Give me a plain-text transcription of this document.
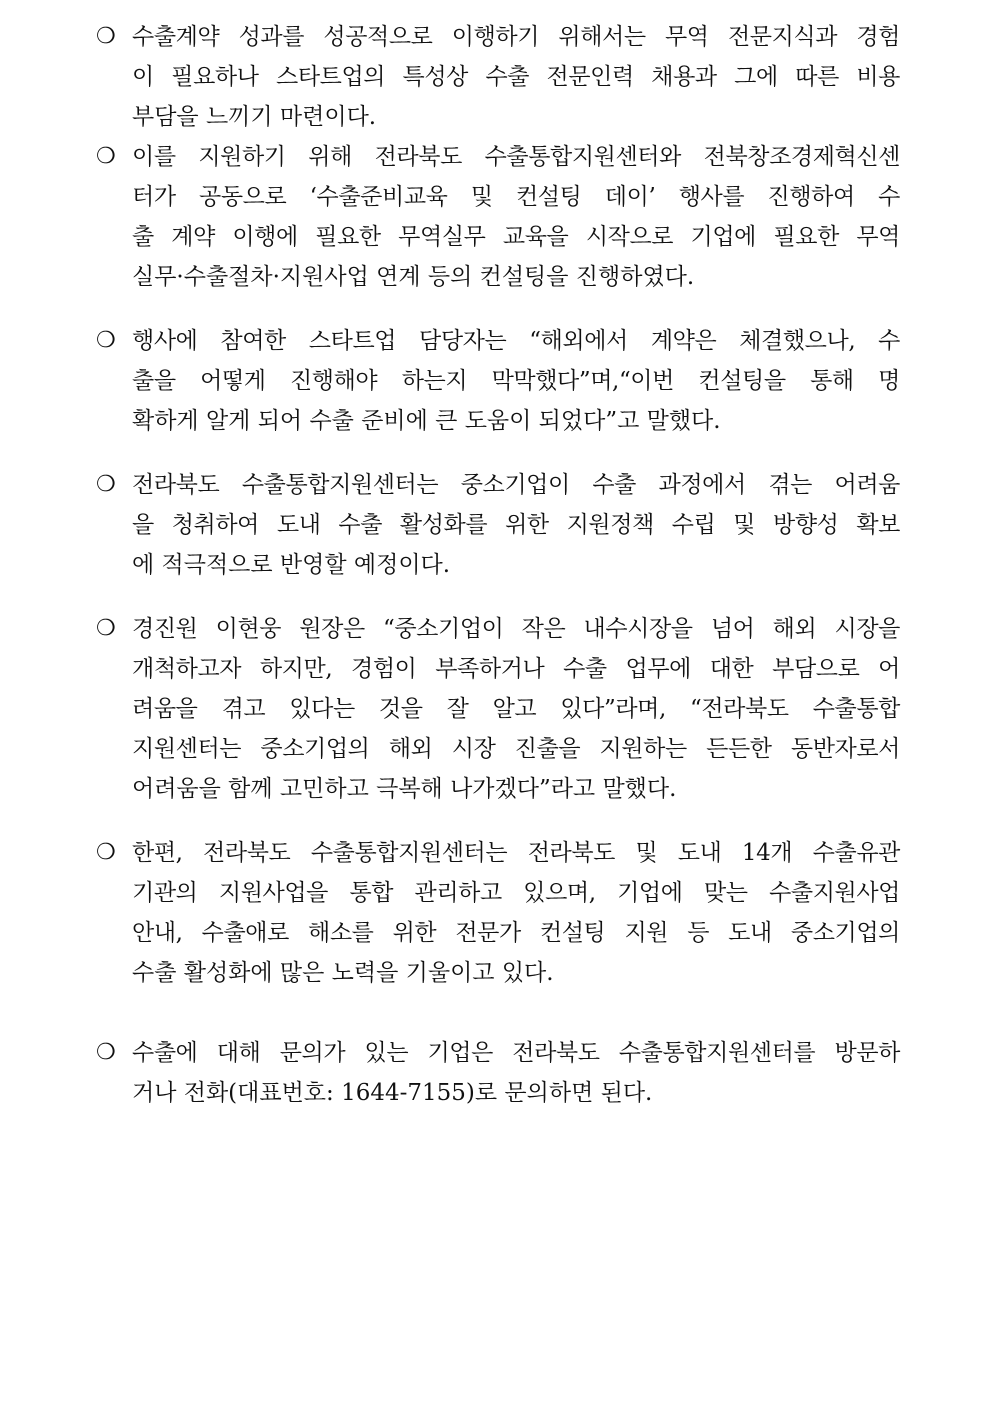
❍ 수출계약 성과를 성공적으로 이행하기 위해서는 무역 전문지식과 경험
이 필요하나 스타트업의 특성상 수출 전문인력 채용과 그에 따른 비용
부담을 느끼기 마련이다.
❍ 이를 지원하기 위해 전라북도 수출통합지원센터와 전북창조경제혁신센
터가 공동으로 ‘수출준비교육 및 컨설팅 데이’ 행사를 진행하여 수
출 계약 이행에 필요한 무역실무 교육을 시작으로 기업에 필요한 무역
실무·수출절차·지원사업 연계 등의 컨설팅을 진행하였다.
❍ 행사에 참여한 스타트업 담당자는 “해외에서 계약은 체결했으나, 수
출을 어떻게 진행해야 하는지 막막했다”며,“이번 컨설팅을 통해 명
확하게 알게 되어 수출 준비에 큰 도움이 되었다”고 말했다.
❍ 전라북도 수출통합지원센터는 중소기업이 수출 과정에서 겪는 어려움
을 청취하여 도내 수출 활성화를 위한 지원정책 수립 및 방향성 확보
에 적극적으로 반영할 예정이다.
❍ 경진원 이현웅 원장은 “중소기업이 작은 내수시장을 넘어 해외 시장을
개척하고자 하지만, 경험이 부족하거나 수출 업무에 대한 부담으로 어
려움을 겪고 있다는 것을 잘 알고 있다”라며, “전라북도 수출통합
지원센터는 중소기업의 해외 시장 진출을 지원하는 든든한 동반자로서
어려움을 함께 고민하고 극복해 나가겠다”라고 말했다.
❍ 한편, 전라북도 수출통합지원센터는 전라북도 및 도내 14개 수출유관
기관의 지원사업을 통합 관리하고 있으며, 기업에 맞는 수출지원사업
안내, 수출애로 해소를 위한 전문가 컨설팅 지원 등 도내 중소기업의
수출 활성화에 많은 노력을 기울이고 있다.
❍ 수출에 대해 문의가 있는 기업은 전라북도 수출통합지원센터를 방문하
거나 전화(대표번호: 1644-7155)로 문의하면 된다.
